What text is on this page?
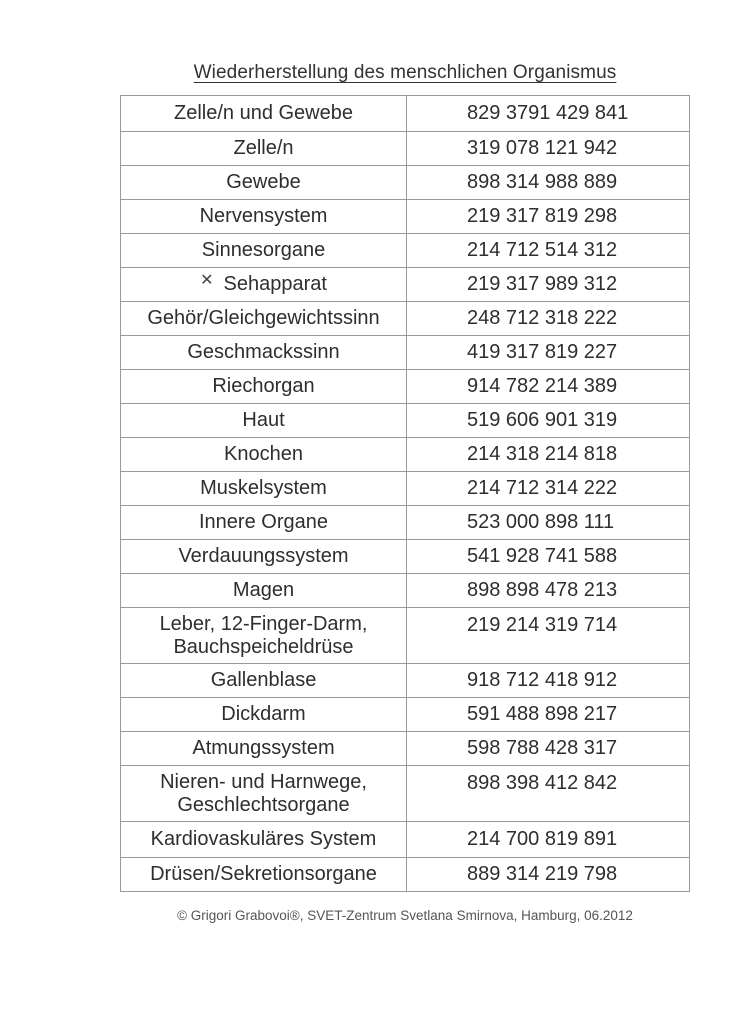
Wiederherstellung des menschlichen Organismus
Zelle/n und Gewebe	829 3791 429 841
Zelle/n	319 078 121 942
Gewebe	898 314 988 889
Nervensystem	219 317 819 298
Sinnesorgane	214 712 514 312
✕ Sehapparat	219 317 989 312
Gehör/Gleichgewichtssinn	248 712 318 222
Geschmackssinn	419 317 819 227
Riechorgan	914 782 214 389
Haut	519 606 901 319
Knochen	214 318 214 818
Muskelsystem	214 712 314 222
Innere Organe	523 000 898 111
Verdauungssystem	541 928 741 588
Magen	898 898 478 213

Leber, 12-Finger-Darm,
Bauchspeicheldrüse	219 214 319 714
Gallenblase	918 712 418 912
Dickdarm	591 488 898 217
Atmungssystem	598 788 428 317

Nieren- und Harnwege,
Geschlechtsorgane	898 398 412 842
Kardiovaskuläres System	214 700 819 891
Drüsen/Sekretionsorgane	889 314 219 798
© Grigori Grabovoi®, SVET-Zentrum Svetlana Smirnova, Hamburg, 06.2012
